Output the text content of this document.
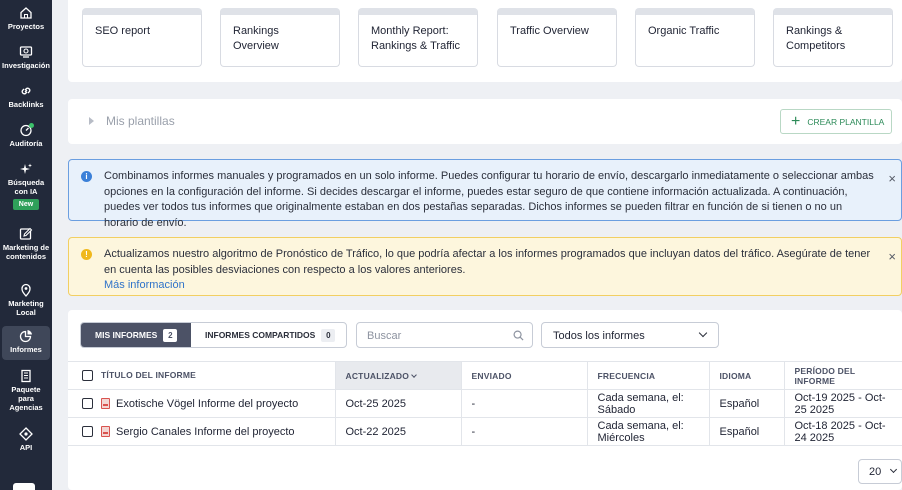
Proyectos
Investigación
Backlinks
Auditoría
Búsqueda con IA
New
Marketing de contenidos
Marketing Local
Informes
Paquete para Agencias
API
SEO report	Rankings Overview
Monthly Report: Rankings & Traffic
Traffic Overview	Organic Traffic	Rankings & Competitors
Mis plantillas	+ CREAR PLANTILLA
i	Combinamos informes manuales y programados en un solo informe. Puedes configurar tu horario de envío, descargarlo inmediatamente o seleccionar ambas opciones en la configuración del informe. Si decides descargar el informe, puedes estar seguro de que contiene información actualizada. A continuación, puedes ver todos tus informes que originalmente estaban en dos pestañas separadas. Dichos informes se pueden filtrar en función de si tienen o no un horario de envío.
×
!	Actualizamos nuestro algoritmo de Pronóstico de Tráfico, lo que podría afectar a los informes programados que incluyan datos del tráfico. Asegúrate de tener en cuenta las posibles desviaciones con respecto a los valores anteriores.
Más información
×
MIS INFORMES	2	INFORMES COMPARTIDOS	0	Buscar	Todos los informes
TÍTULO DEL INFORME	ACTUALIZADO	ENVIADO	FRECUENCIA	IDIOMA	PERÍODO DEL INFORME
Exotische Vögel Informe del proyecto	Oct-25 2025	-	Cada semana, el: Sábado	Español	Oct-19 2025 - Oct-25 2025
Sergio Canales Informe del proyecto	Oct-22 2025	-	Cada semana, el: Miércoles	Español	Oct-18 2025 - Oct-24 2025
20
